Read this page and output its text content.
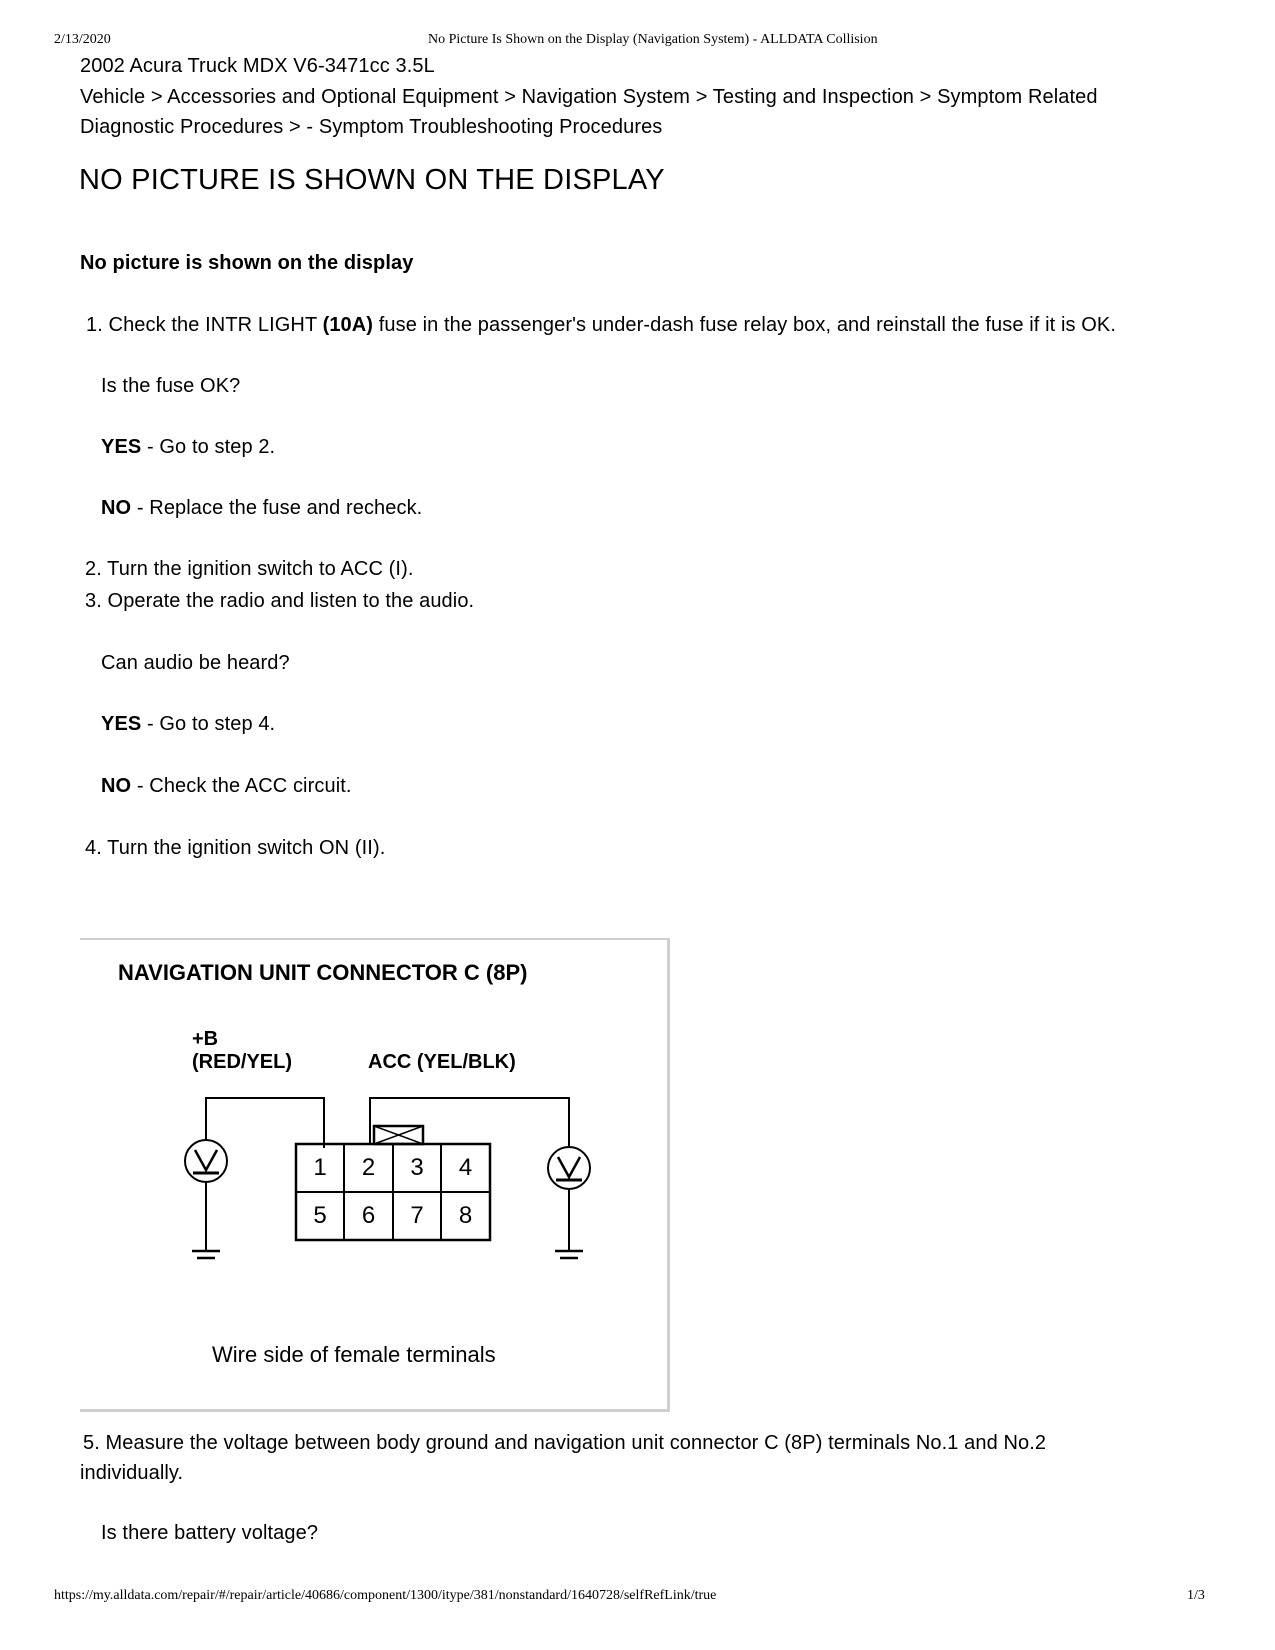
2/13/2020	No Picture Is Shown on the Display (Navigation System) - ALLDATA Collision
2002 Acura Truck MDX V6-3471cc 3.5L
Vehicle > Accessories and Optional Equipment > Navigation System > Testing and Inspection > Symptom Related
Diagnostic Procedures > - Symptom Troubleshooting Procedures
NO PICTURE IS SHOWN ON THE DISPLAY
No picture is shown on the display
1. Check the INTR LIGHT (10A) fuse in the passenger's under-dash fuse relay box, and reinstall the fuse if it is OK.
Is the fuse OK?
YES - Go to step 2.
NO - Replace the fuse and recheck.
2. Turn the ignition switch to ACC (I).
3. Operate the radio and listen to the audio.
Can audio be heard?
YES - Go to step 4.
NO - Check the ACC circuit.
4. Turn the ignition switch ON (II).
NAVIGATION UNIT CONNECTOR C (8P)
+B
(RED/YEL)	ACC (YEL/BLK)
1	2	3	4
5	6	7	8
Wire side of female terminals
5. Measure the voltage between body ground and navigation unit connector C (8P) terminals No.1 and No.2
individually.
Is there battery voltage?
https://my.alldata.com/repair/#/repair/article/40686/component/1300/itype/381/nonstandard/1640728/selfRefLink/true	1/3
